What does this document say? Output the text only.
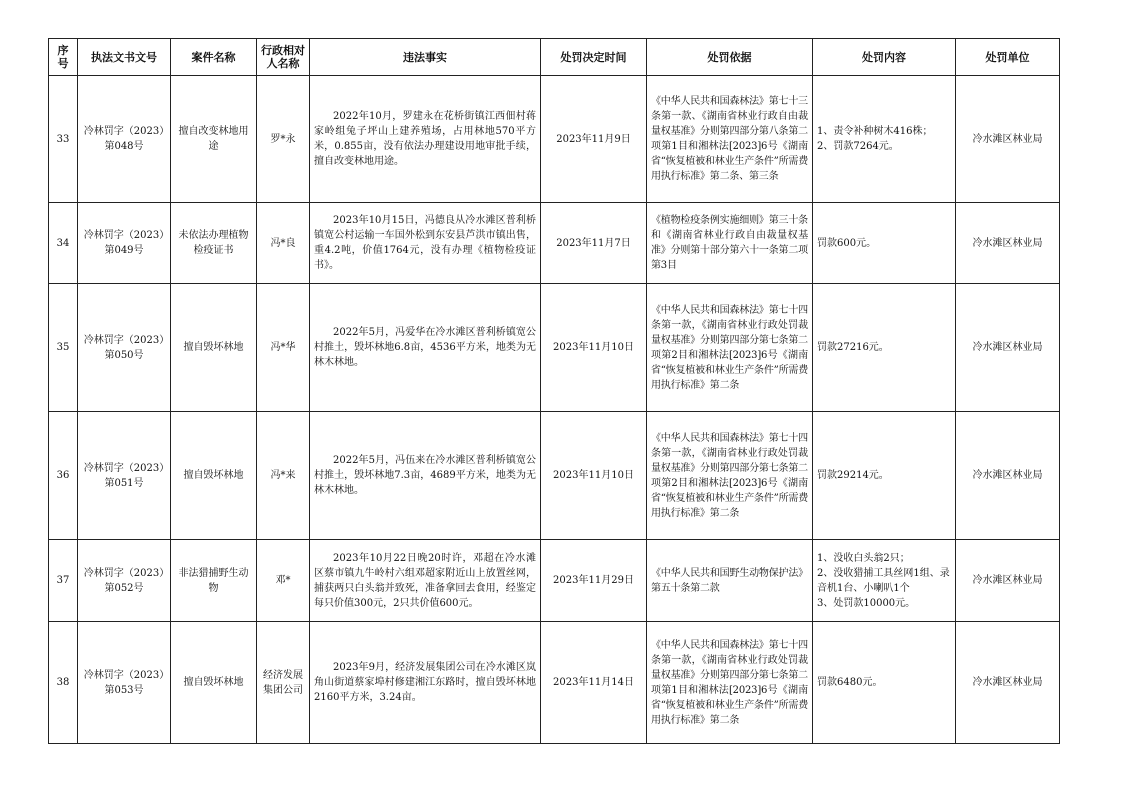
序号	执法文书文号	案件名称	行政相对人名称	违法事实	处罚决定时间	处罚依据	处罚内容	处罚单位
33	冷林罚字（2023）第048号	擅自改变林地用途	罗*永	2022年10月，罗建永在花桥街镇江西佃村蒋家岭组兔子坪山上建养殖场，占用林地570平方米，0.855亩，没有依法办理建设用地审批手续，擅自改变林地用途。	2023年11月9日	《中华人民共和国森林法》第七十三条第一款、《湖南省林业行政自由裁量权基准》分则第四部分第八条第二项第1目和湘林法[2023]6号《湖南省“恢复植被和林业生产条件”所需费用执行标准》第二条、第三条	1、责令补种树木416株；
2、罚款7264元。	冷水滩区林业局
34	冷林罚字（2023）第049号	未依法办理植物检疫证书	冯*良	2023年10月15日，冯德良从冷水滩区普利桥镇宽公村运输一车国外松到东安县芦洪市镇出售，重4.2吨，价值1764元，没有办理《植物检疫证书》。	2023年11月7日	《植物检疫条例实施细则》第三十条和《湖南省林业行政自由裁量权基准》分则第十部分第六十一条第二项第3目	罚款600元。	冷水滩区林业局
35	冷林罚字（2023）第050号	擅自毁坏林地	冯*华	2022年5月，冯爱华在冷水滩区普利桥镇宽公村推土，毁坏林地6.8亩，4536平方米，地类为无林木林地。	2023年11月10日	《中华人民共和国森林法》第七十四条第一款，《湖南省林业行政处罚裁量权基准》分则第四部分第七条第二项第2目和湘林法[2023]6号《湖南省“恢复植被和林业生产条件”所需费用执行标准》第二条	罚款27216元。	冷水滩区林业局
36	冷林罚字（2023）第051号	擅自毁坏林地	冯*来	2022年5月，冯伍来在冷水滩区普利桥镇宽公村推土，毁坏林地7.3亩，4689平方米，地类为无林木林地。	2023年11月10日	《中华人民共和国森林法》第七十四条第一款，《湖南省林业行政处罚裁量权基准》分则第四部分第七条第二项第2目和湘林法[2023]6号《湖南省“恢复植被和林业生产条件”所需费用执行标准》第二条	罚款29214元。	冷水滩区林业局
37	冷林罚字（2023）第052号	非法猎捕野生动物	邓*	2023年10月22日晚20时许，邓超在冷水滩区蔡市镇九牛岭村六组邓超家附近山上放置丝网，捕获两只白头翁并致死，准备拿回去食用，经鉴定每只价值300元，2只共价值600元。	2023年11月29日	《中华人民共和国野生动物保护法》第五十条第二款	1、没收白头翁2只；
2、没收猎捕工具丝网1组、录音机1台、小喇叭1个
3、处罚款10000元。	冷水滩区林业局
38	冷林罚字（2023）第053号	擅自毁坏林地	经济发展集团公司	2023年9月，经济发展集团公司在冷水滩区岚角山街道蔡家埠村修建湘江东路时，擅自毁坏林地2160平方米，3.24亩。	2023年11月14日	《中华人民共和国森林法》第七十四条第一款，《湖南省林业行政处罚裁量权基准》分则第四部分第七条第二项第1目和湘林法[2023]6号《湖南省“恢复植被和林业生产条件”所需费用执行标准》第二条	罚款6480元。	冷水滩区林业局
